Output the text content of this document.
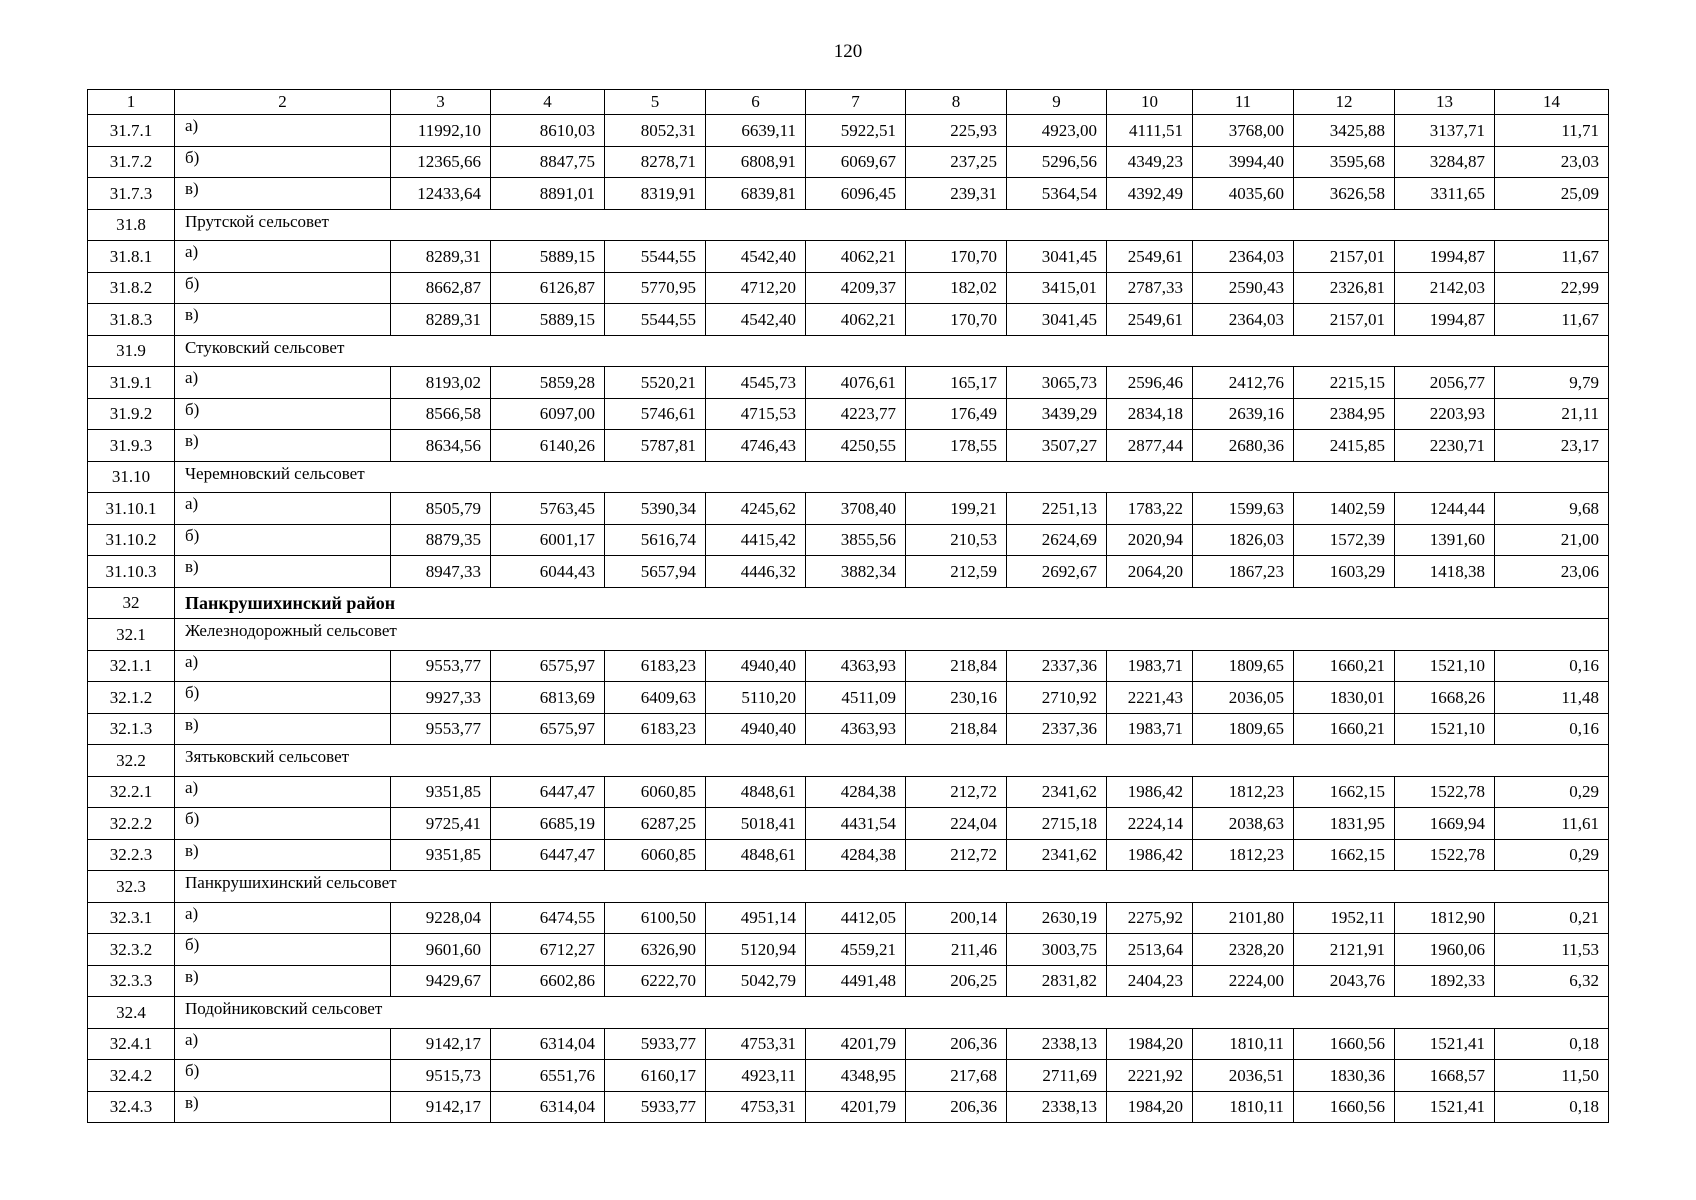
120
1	2	3	4	5	6	7	8	9	10	11	12	13	14
31.7.1	а)	11992,10	8610,03	8052,31	6639,11	5922,51	225,93	4923,00	4111,51	3768,00	3425,88	3137,71	11,71
31.7.2	б)	12365,66	8847,75	8278,71	6808,91	6069,67	237,25	5296,56	4349,23	3994,40	3595,68	3284,87	23,03
31.7.3	в)	12433,64	8891,01	8319,91	6839,81	6096,45	239,31	5364,54	4392,49	4035,60	3626,58	3311,65	25,09
31.8	Прутской сельсовет												
31.8.1	а)	8289,31	5889,15	5544,55	4542,40	4062,21	170,70	3041,45	2549,61	2364,03	2157,01	1994,87	11,67
31.8.2	б)	8662,87	6126,87	5770,95	4712,20	4209,37	182,02	3415,01	2787,33	2590,43	2326,81	2142,03	22,99
31.8.3	в)	8289,31	5889,15	5544,55	4542,40	4062,21	170,70	3041,45	2549,61	2364,03	2157,01	1994,87	11,67
31.9	Стуковский сельсовет												
31.9.1	а)	8193,02	5859,28	5520,21	4545,73	4076,61	165,17	3065,73	2596,46	2412,76	2215,15	2056,77	9,79
31.9.2	б)	8566,58	6097,00	5746,61	4715,53	4223,77	176,49	3439,29	2834,18	2639,16	2384,95	2203,93	21,11
31.9.3	в)	8634,56	6140,26	5787,81	4746,43	4250,55	178,55	3507,27	2877,44	2680,36	2415,85	2230,71	23,17
31.10	Черемновский сельсовет												
31.10.1	а)	8505,79	5763,45	5390,34	4245,62	3708,40	199,21	2251,13	1783,22	1599,63	1402,59	1244,44	9,68
31.10.2	б)	8879,35	6001,17	5616,74	4415,42	3855,56	210,53	2624,69	2020,94	1826,03	1572,39	1391,60	21,00
31.10.3	в)	8947,33	6044,43	5657,94	4446,32	3882,34	212,59	2692,67	2064,20	1867,23	1603,29	1418,38	23,06
32	Панкрушихинский район												
32.1	Железнодорожный сельсовет												
32.1.1	а)	9553,77	6575,97	6183,23	4940,40	4363,93	218,84	2337,36	1983,71	1809,65	1660,21	1521,10	0,16
32.1.2	б)	9927,33	6813,69	6409,63	5110,20	4511,09	230,16	2710,92	2221,43	2036,05	1830,01	1668,26	11,48
32.1.3	в)	9553,77	6575,97	6183,23	4940,40	4363,93	218,84	2337,36	1983,71	1809,65	1660,21	1521,10	0,16
32.2	Зятьковский сельсовет												
32.2.1	а)	9351,85	6447,47	6060,85	4848,61	4284,38	212,72	2341,62	1986,42	1812,23	1662,15	1522,78	0,29
32.2.2	б)	9725,41	6685,19	6287,25	5018,41	4431,54	224,04	2715,18	2224,14	2038,63	1831,95	1669,94	11,61
32.2.3	в)	9351,85	6447,47	6060,85	4848,61	4284,38	212,72	2341,62	1986,42	1812,23	1662,15	1522,78	0,29
32.3	Панкрушихинский сельсовет												
32.3.1	а)	9228,04	6474,55	6100,50	4951,14	4412,05	200,14	2630,19	2275,92	2101,80	1952,11	1812,90	0,21
32.3.2	б)	9601,60	6712,27	6326,90	5120,94	4559,21	211,46	3003,75	2513,64	2328,20	2121,91	1960,06	11,53
32.3.3	в)	9429,67	6602,86	6222,70	5042,79	4491,48	206,25	2831,82	2404,23	2224,00	2043,76	1892,33	6,32
32.4	Подойниковский сельсовет												
32.4.1	а)	9142,17	6314,04	5933,77	4753,31	4201,79	206,36	2338,13	1984,20	1810,11	1660,56	1521,41	0,18
32.4.2	б)	9515,73	6551,76	6160,17	4923,11	4348,95	217,68	2711,69	2221,92	2036,51	1830,36	1668,57	11,50
32.4.3	в)	9142,17	6314,04	5933,77	4753,31	4201,79	206,36	2338,13	1984,20	1810,11	1660,56	1521,41	0,18
